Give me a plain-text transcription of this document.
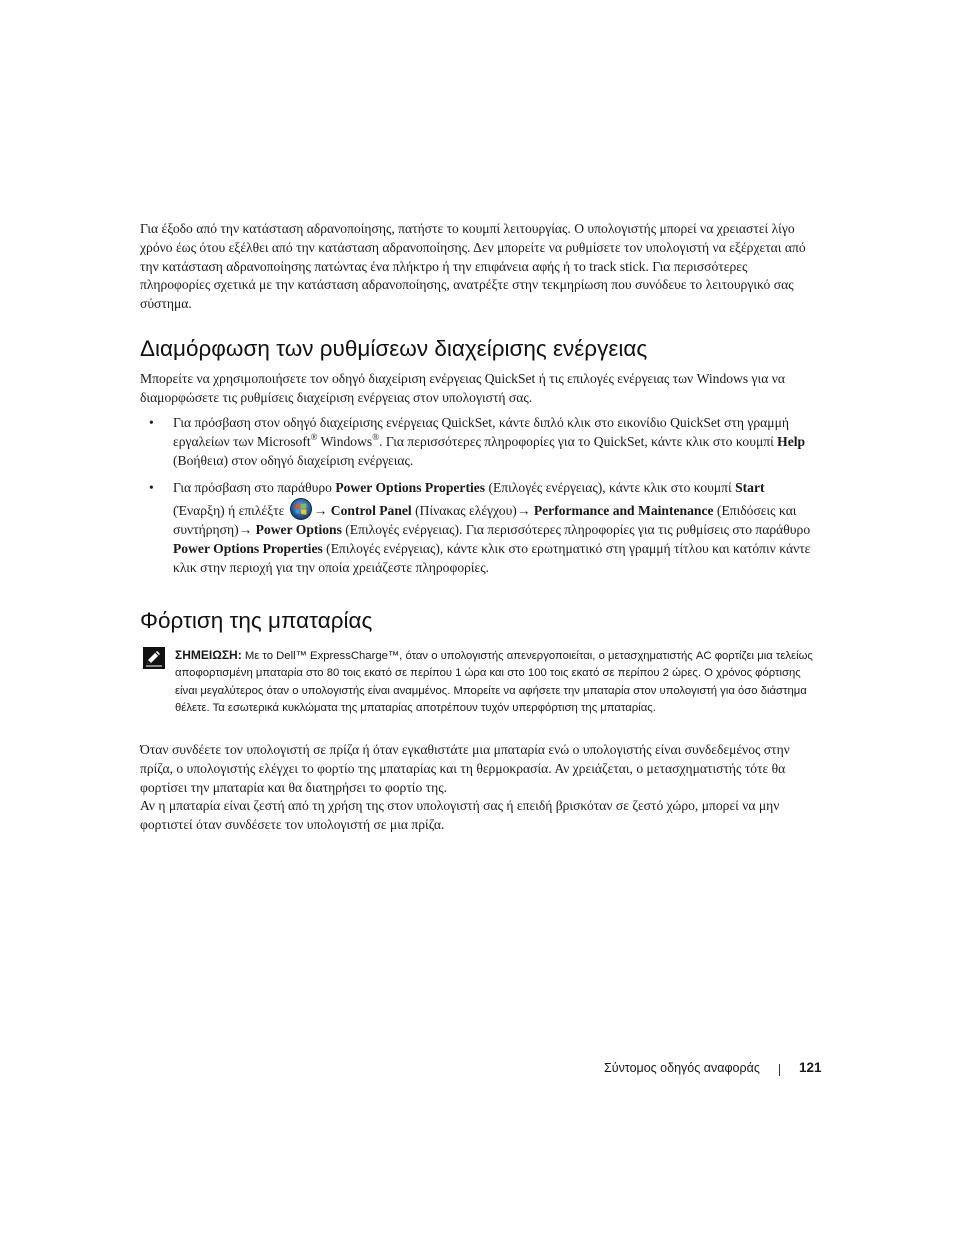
Για έξοδο από την κατάσταση αδρανοποίησης, πατήστε το κουμπί λειτουργίας. Ο υπολογιστής μπορεί να χρειαστεί λίγο χρόνο έως ότου εξέλθει από την κατάσταση αδρανοποίησης. Δεν μπορείτε να ρυθμίσετε τον υπολογιστή να εξέρχεται από την κατάσταση αδρανοποίησης πατώντας ένα πλήκτρο ή την επιφάνεια αφής ή το track stick. Για περισσότερες πληροφορίες σχετικά με την κατάσταση αδρανοποίησης, ανατρέξτε στην τεκμηρίωση που συνόδευε το λειτουργικό σας σύστημα.

Διαμόρφωση των ρυθμίσεων διαχείρισης ενέργειας

Μπορείτε να χρησιμοποιήσετε τον οδηγό διαχείριση ενέργειας QuickSet ή τις επιλογές ενέργειας των Windows για να διαμορφώσετε τις ρυθμίσεις διαχείριση ενέργειας στον υπολογιστή σας.

• Για πρόσβαση στον οδηγό διαχείρισης ενέργειας QuickSet, κάντε διπλό κλικ στο εικονίδιο QuickSet στη γραμμή εργαλείων των Microsoft® Windows®. Για περισσότερες πληροφορίες για το QuickSet, κάντε κλικ στο κουμπί Help (Βοήθεια) στον οδηγό διαχείριση ενέργειας.
• Για πρόσβαση στο παράθυρο Power Options Properties (Επιλογές ενέργειας), κάντε κλικ στο κουμπί Start (Έναρξη) ή επιλέξτε → Control Panel (Πίνακας ελέγχου)→ Performance and Maintenance (Επιδόσεις και συντήρηση)→ Power Options (Επιλογές ενέργειας). Για περισσότερες πληροφορίες για τις ρυθμίσεις στο παράθυρο Power Options Properties (Επιλογές ενέργειας), κάντε κλικ στο ερωτηματικό στη γραμμή τίτλου και κατόπιν κάντε κλικ στην περιοχή για την οποία χρειάζεστε πληροφορίες.
Φόρτιση της μπαταρίας
ΣΗΜΕΙΩΣΗ: Με το Dell™ ExpressCharge™, όταν ο υπολογιστής απενεργοποιείται, ο μετασχηματιστής AC φορτίζει μια τελείως αποφορτισμένη μπαταρία στο 80 τοις εκατό σε περίπου 1 ώρα και στο 100 τοις εκατό σε περίπου 2 ώρες. Ο χρόνος φόρτισης είναι μεγαλύτερος όταν ο υπολογιστής είναι αναμμένος. Μπορείτε να αφήσετε την μπαταρία στον υπολογιστή για όσο διάστημα θέλετε. Τα εσωτερικά κυκλώματα της μπαταρίας αποτρέπουν τυχόν υπερφόρτιση της μπαταρίας.

Όταν συνδέετε τον υπολογιστή σε πρίζα ή όταν εγκαθιστάτε μια μπαταρία ενώ ο υπολογιστής είναι συνδεδεμένος στην πρίζα, ο υπολογιστής ελέγχει το φορτίο της μπαταρίας και τη θερμοκρασία. Αν χρειάζεται, ο μετασχηματιστής τότε θα φορτίσει την μπαταρία και θα διατηρήσει το φορτίο της.

Αν η μπαταρία είναι ζεστή από τη χρήση της στον υπολογιστή σας ή επειδή βρισκόταν σε ζεστό χώρο, μπορεί να μην φορτιστεί όταν συνδέσετε τον υπολογιστή σε μια πρίζα.

Σύντομος οδηγός αναφοράς	121
